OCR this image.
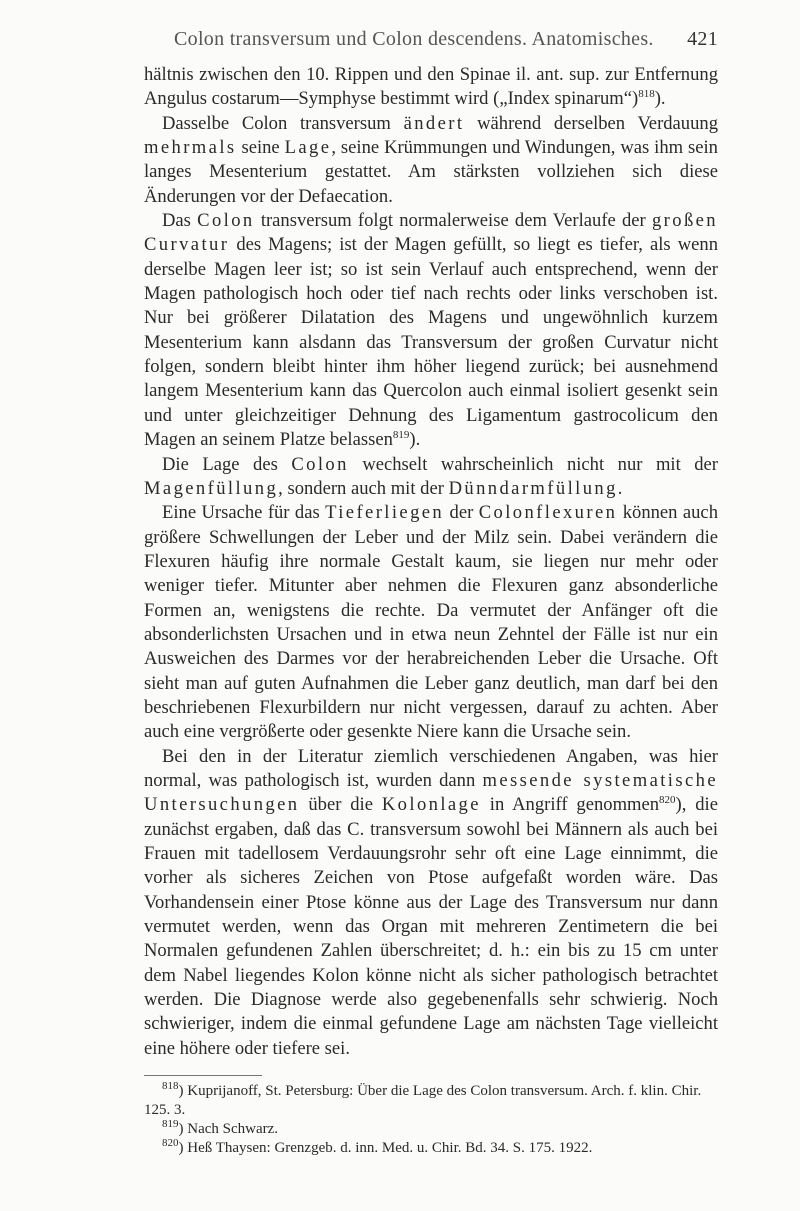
Colon transversum und Colon descendens. Anatomisches. 421

hältnis zwischen den 10. Rippen und den Spinae il. ant. sup. zur Entfernung Angulus costarum—Symphyse bestimmt wird („Index spinarum“)$^{818}$).

Dasselbe Colon transversum ändert während derselben Verdauung mehrmals seine Lage, seine Krümmungen und Windungen, was ihm sein langes Mesenterium gestattet. Am stärksten vollziehen sich diese Änderungen vor der Defaecation.

Das Colon transversum folgt normalerweise dem Verlaufe der großen Curvatur des Magens; ist der Magen gefüllt, so liegt es tiefer, als wenn derselbe Magen leer ist; so ist sein Verlauf auch entsprechend, wenn der Magen pathologisch hoch oder tief nach rechts oder links verschoben ist. Nur bei größerer Dilatation des Magens und ungewöhnlich kurzem Mesenterium kann alsdann das Transversum der großen Curvatur nicht folgen, sondern bleibt hinter ihm höher liegend zurück; bei ausnehmend langem Mesenterium kann das Quercolon auch einmal isoliert gesenkt sein und unter gleichzeitiger Dehnung des Ligamentum gastrocolicum den Magen an seinem Platze belassen$^{819}$).

Die Lage des Colon wechselt wahrscheinlich nicht nur mit der Magenfüllung, sondern auch mit der Dünndarmfüllung.

Eine Ursache für das Tieferliegen der Colonflexuren können auch größere Schwellungen der Leber und der Milz sein. Dabei verändern die Flexuren häufig ihre normale Gestalt kaum, sie liegen nur mehr oder weniger tiefer. Mitunter aber nehmen die Flexuren ganz absonderliche Formen an, wenigstens die rechte. Da vermutet der Anfänger oft die absonderlichsten Ursachen und in etwa neun Zehntel der Fälle ist nur ein Ausweichen des Darmes vor der herabreichenden Leber die Ursache. Oft sieht man auf guten Aufnahmen die Leber ganz deutlich, man darf bei den beschriebenen Flexurbildern nur nicht vergessen, darauf zu achten. Aber auch eine vergrößerte oder gesenkte Niere kann die Ursache sein.

Bei den in der Literatur ziemlich verschiedenen Angaben, was hier normal, was pathologisch ist, wurden dann messende systematische Untersuchungen über die Kolonlage in Angriff genommen$^{820}$), die zunächst ergaben, daß das C. transversum sowohl bei Männern als auch bei Frauen mit tadellosem Verdauungsrohr sehr oft eine Lage einnimmt, die vorher als sicheres Zeichen von Ptose aufgefaßt worden wäre. Das Vorhandensein einer Ptose könne aus der Lage des Transversum nur dann vermutet werden, wenn das Organ mit mehreren Zentimetern die bei Normalen gefundenen Zahlen überschreitet; d. h.: ein bis zu 15 cm unter dem Nabel liegendes Kolon könne nicht als sicher pathologisch betrachtet werden. Die Diagnose werde also gegebenenfalls sehr schwierig. Noch schwieriger, indem die einmal gefundene Lage am nächsten Tage vielleicht eine höhere oder tiefere sei.

$^{818}$) Kuprijanoff, St. Petersburg: Über die Lage des Colon transversum. Arch. f. klin. Chir. 125. 3.

$^{819}$) Nach Schwarz.

$^{820}$) Heß Thaysen: Grenzgeb. d. inn. Med. u. Chir. Bd. 34. S. 175. 1922.
